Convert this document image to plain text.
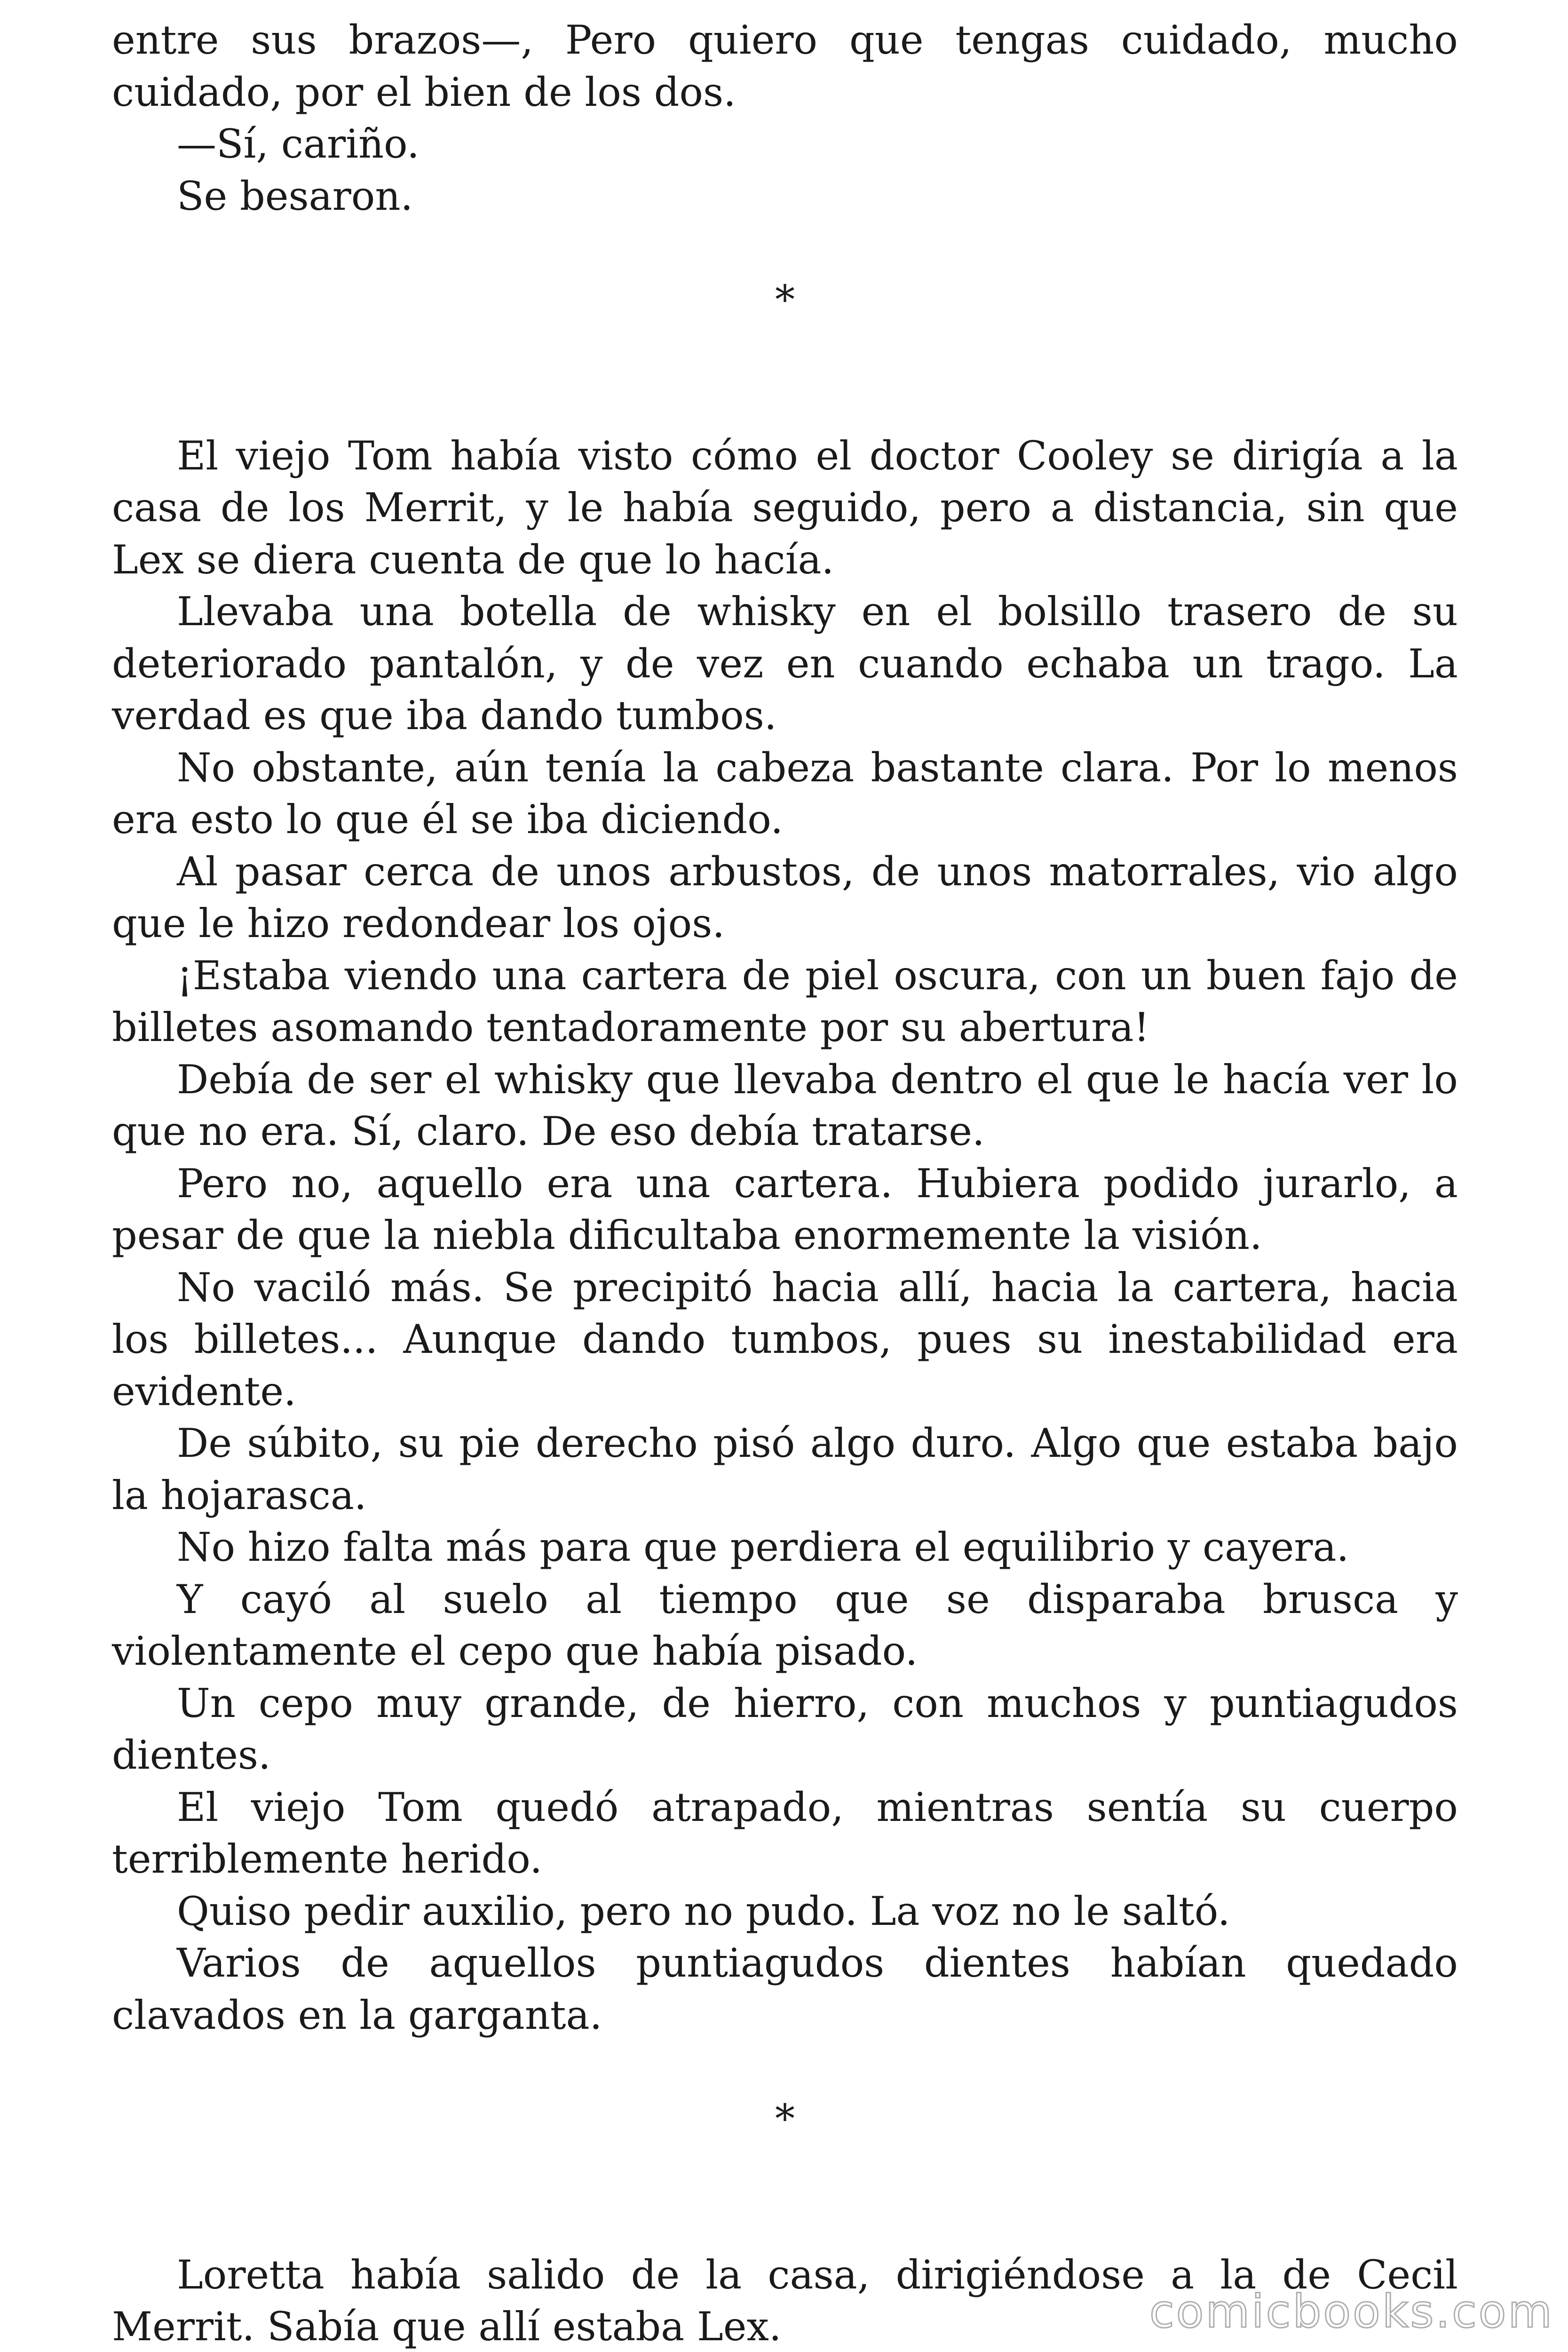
entre sus brazos—, Pero quiero que tengas cuidado, mucho cuidado, por el bien de los dos.

—Sí, cariño.

Se besaron.

*

El viejo Tom había visto cómo el doctor Cooley se dirigía a la casa de los Merrit, y le había seguido, pero a distancia, sin que Lex se diera cuenta de que lo hacía.

Llevaba una botella de whisky en el bolsillo trasero de su deteriorado pantalón, y de vez en cuando echaba un trago. La verdad es que iba dando tumbos.

No obstante, aún tenía la cabeza bastante clara. Por lo menos era esto lo que él se iba diciendo.

Al pasar cerca de unos arbustos, de unos matorrales, vio algo que le hizo redondear los ojos.

¡Estaba viendo una cartera de piel oscura, con un buen fajo de billetes asomando tentadoramente por su abertura!

Debía de ser el whisky que llevaba dentro el que le hacía ver lo que no era. Sí, claro. De eso debía tratarse.

Pero no, aquello era una cartera. Hubiera podido jurarlo, a pesar de que la niebla dificultaba enormemente la visión.

No vaciló más. Se precipitó hacia allí, hacia la cartera, hacia los billetes... Aunque dando tumbos, pues su inestabilidad era evidente.

De súbito, su pie derecho pisó algo duro. Algo que estaba bajo la hojarasca.

No hizo falta más para que perdiera el equilibrio y cayera.

Y cayó al suelo al tiempo que se disparaba brusca y violentamente el cepo que había pisado.

Un cepo muy grande, de hierro, con muchos y puntiagudos dientes.

El viejo Tom quedó atrapado, mientras sentía su cuerpo terriblemente herido.

Quiso pedir auxilio, pero no pudo. La voz no le saltó.

Varios de aquellos puntiagudos dientes habían quedado clavados en la garganta.

*

Loretta había salido de la casa, dirigiéndose a la de Cecil Merrit. Sabía que allí estaba Lex.	comicbooks.com
